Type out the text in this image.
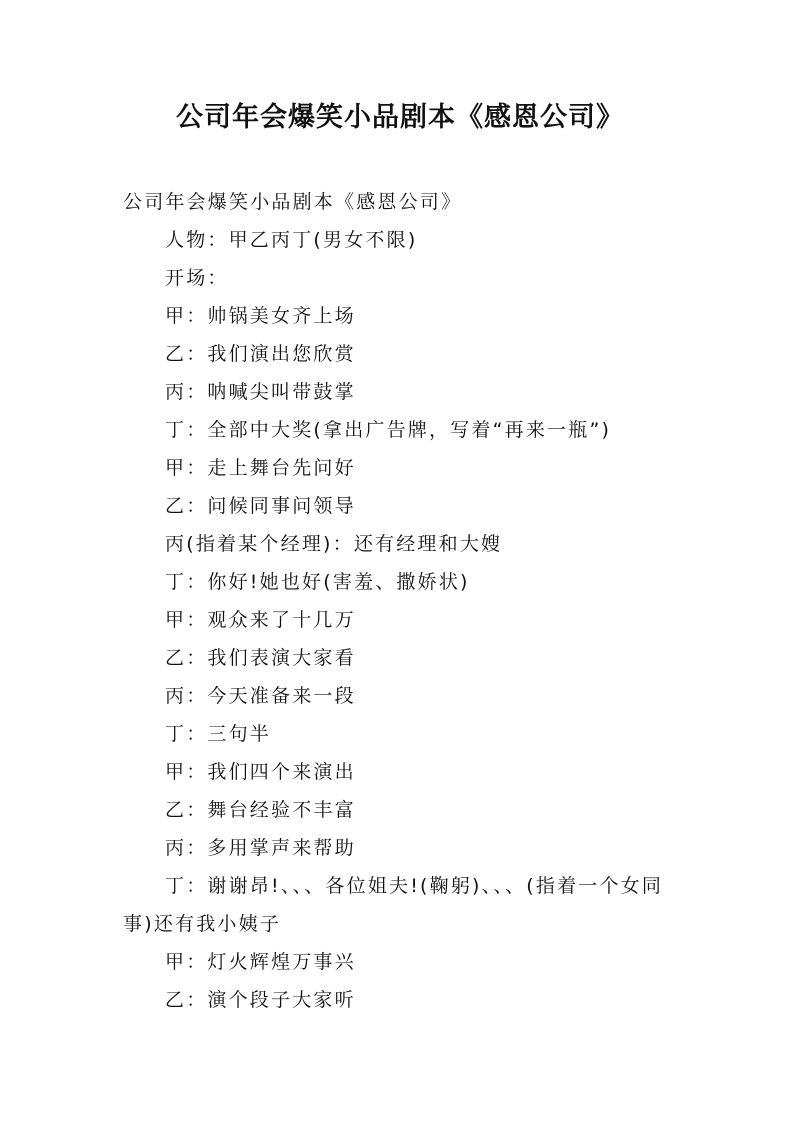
公司年会爆笑小品剧本《感恩公司》

公司年会爆笑小品剧本《感恩公司》

人物：甲乙丙丁(男女不限)

开场：

甲：帅锅美女齐上场

乙：我们演出您欣赏

丙：呐喊尖叫带鼓掌

丁：全部中大奖(拿出广告牌，写着“再来一瓶”)

甲：走上舞台先问好

乙：问候同事问领导

丙(指着某个经理)：还有经理和大嫂

丁：你好!她也好(害羞、撒娇状)

甲：观众来了十几万

乙：我们表演大家看

丙：今天准备来一段

丁：三句半

甲：我们四个来演出

乙：舞台经验不丰富

丙：多用掌声来帮助

丁：谢谢昂!、、、各位姐夫!(鞠躬)、、、(指着一个女同

事)还有我小姨子

甲：灯火辉煌万事兴

乙：演个段子大家听
